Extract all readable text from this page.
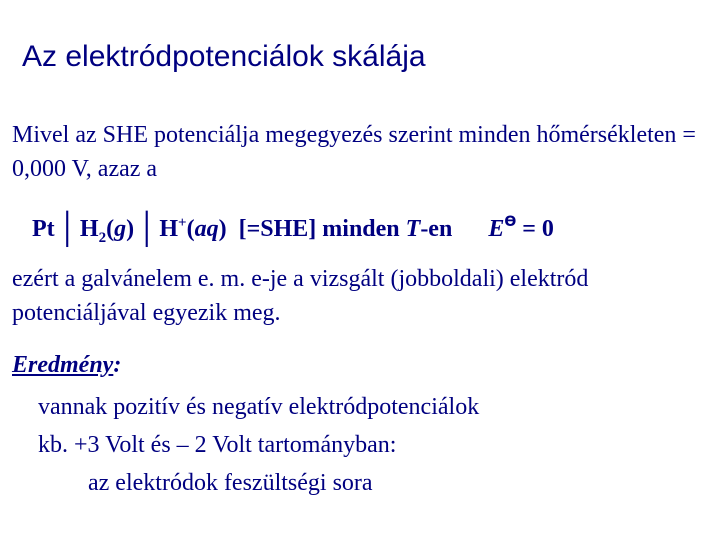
Az elektródpotenciálok skálája

Mivel az SHE potenciálja megegyezés szerint minden hőmérsékleten = 0,000 V, azaz a

$Pt│H_2(g)│H^+(aq)$ [=SHE] minden T-en $E^ϴ = 0$

ezért a galvánelem e. m. e-je a vizsgált (jobboldali) elektród potenciáljával egyezik meg.

Eredmény:
vannak pozitív és negatív elektródpotenciálok
kb. +3 Volt és – 2 Volt tartományban:
az elektródok feszültségi sora
